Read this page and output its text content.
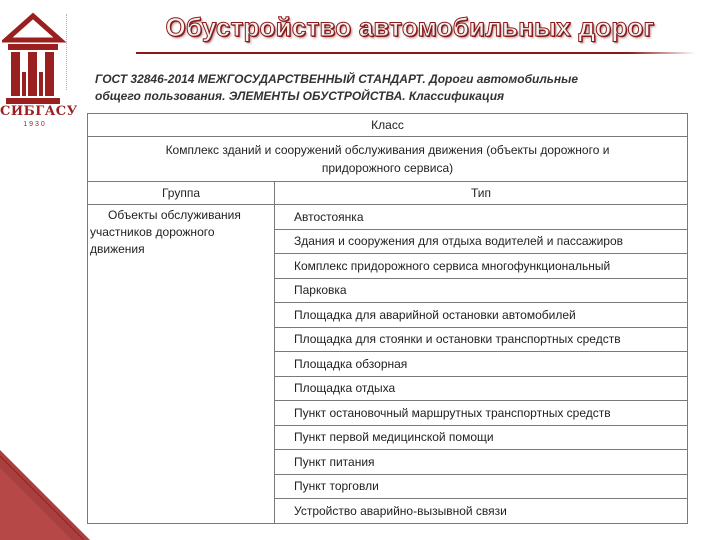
СИБГАСУ
1930
Обустройство автомобильных дорог
ГОСТ 32846-2014 МЕЖГОСУДАРСТВЕННЫЙ СТАНДАРТ. Дороги автомобильные
общего пользования. ЭЛЕМЕНТЫ ОБУСТРОЙСТВА. Классификация
Класс	

Комплекс зданий и сооружений обслуживания движения (объекты дорожного и
придорожного сервиса)	

Группа	Тип

Объекты обслуживания
участников дорожного
движения	Автостоянка
	Здания и сооружения для отдыха водителей и пассажиров
	Комплекс придорожного сервиса многофункциональный
	Парковка
	Площадка для аварийной остановки автомобилей
	Площадка для стоянки и остановки транспортных средств
	Площадка обзорная
	Площадка отдыха
	Пункт остановочный маршрутных транспортных средств
	Пункт первой медицинской помощи
	Пункт питания
	Пункт торговли
	Устройство аварийно-вызывной связи
